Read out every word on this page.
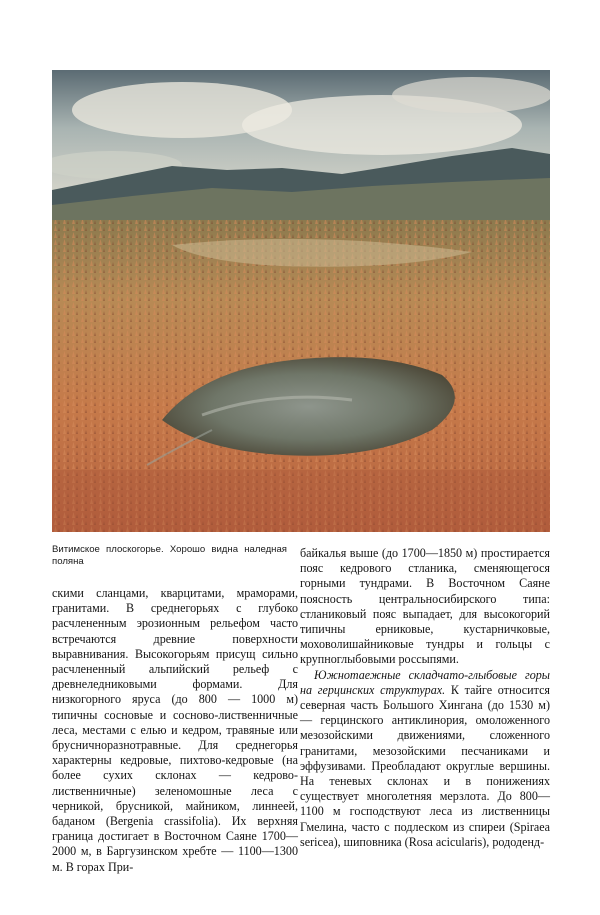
Витимское плоскогорье. Хорошо видна наледная поляна

скими сланцами, кварцитами, мраморами, гранитами. В среднегорьях с глубоко расчлененным эрозионным рельефом часто встречаются древние поверхности выравнивания. Высокогорьям присущ сильно расчлененный альпийский рельеф с древнеледниковыми формами. Для низкогорного яруса (до 800 — 1000 м) типичны сосновые и сосново-лиственничные леса, местами с елью и кедром, травяные или брусничноразнотравные. Для среднегорья характерны кедровые, пихтово-кедровые (на более сухих склонах — кедрово-лиственничные) зеленомошные леса с черникой, брусникой, майником, линнеей, баданом (Bergenia crassifolia). Их верхняя граница достигает в Восточном Саяне 1700—2000 м, в Баргузинском хребте — 1100—1300 м. В горах При-

байкалья выше (до 1700—1850 м) простирается пояс кедрового стланика, сменяющегося горными тундрами. В Восточном Саяне поясность центральносибирского типа: стланиковый пояс выпадает, для высокогорий типичны ерниковые, кустарничковые, моховолишайниковые тундры и гольцы с крупноглыбовыми россыпями.

Южнотаежные складчато-глыбовые горы на герцинских структурах. К тайге относится северная часть Большого Хингана (до 1530 м) — герцинского антиклинория, омоложенного мезозойскими движениями, сложенного гранитами, мезозойскими песчаниками и эффузивами. Преобладают округлые вершины. На теневых склонах и в понижениях существует многолетняя мерзлота. До 800—1100 м господствуют леса из лиственницы Гмелина, часто с подлеском из спиреи (Spiraea sericea), шиповника (Rosa acicularis), рододенд-
